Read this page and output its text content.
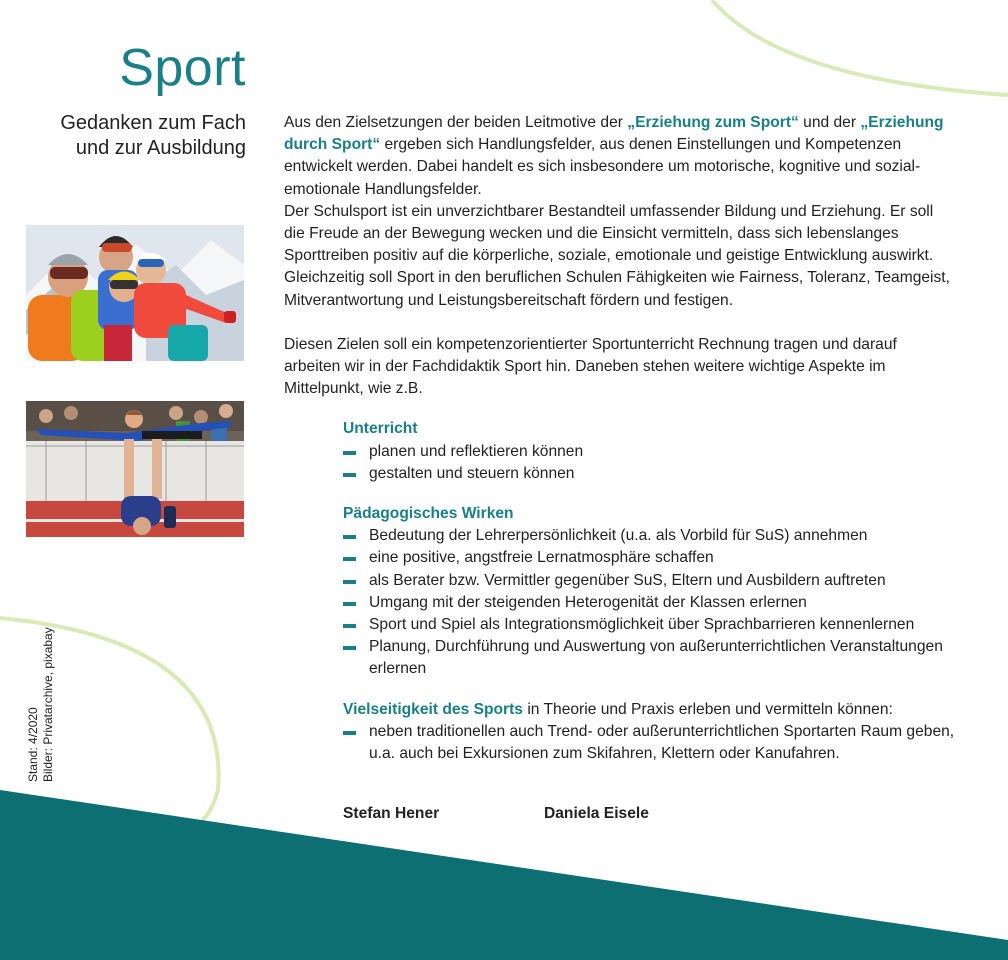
Sport
Gedanken zum Fach
und zur Ausbildung
Stand: 4/2020 Bilder: Privatarchive, pixabay

Aus den Zielsetzungen der beiden Leitmotive der „Erziehung zum Sport“ und der „Erziehung durch Sport“ ergeben sich Handlungsfelder, aus denen Einstellungen und Kompetenzen entwickelt werden. Dabei handelt es sich insbesondere um motorische, kognitive und sozial-emotionale Handlungsfelder.

Der Schulsport ist ein unverzichtbarer Bestandteil umfassender Bildung und Erziehung. Er soll die Freude an der Bewegung wecken und die Einsicht vermitteln, dass sich lebenslanges Sporttreiben positiv auf die körperliche, soziale, emotionale und geistige Entwicklung auswirkt. Gleichzeitig soll Sport in den beruflichen Schulen Fähigkeiten wie Fairness, Toleranz, Teamgeist, Mitverantwortung und Leistungsbereitschaft fördern und festigen.

Diesen Zielen soll ein kompetenzorientierter Sportunterricht Rechnung tragen und darauf arbeiten wir in der Fachdidaktik Sport hin. Daneben stehen weitere wichtige Aspekte im Mittelpunkt, wie z.B.

Unterricht
planen und reflektieren können
gestalten und steuern können
Pädagogisches Wirken
Bedeutung der Lehrerpersönlichkeit (u.a. als Vorbild für SuS) annehmen
eine positive, angstfreie Lernatmosphäre schaffen
als Berater bzw. Vermittler gegenüber SuS, Eltern und Ausbildern auftreten
Umgang mit der steigenden Heterogenität der Klassen erlernen
Sport und Spiel als Integrationsmöglichkeit über Sprachbarrieren kennenlernen
Planung, Durchführung und Auswertung von außerunterrichtlichen Veranstaltungen erlernen
Vielseitigkeit des Sports in Theorie und Praxis erleben und vermitteln können:
neben traditionellen auch Trend- oder außerunterrichtlichen Sportarten Raum geben, u.a. auch bei Exkursionen zum Skifahren, Klettern oder Kanufahren.
Stefan Hener	Daniela Eisele
